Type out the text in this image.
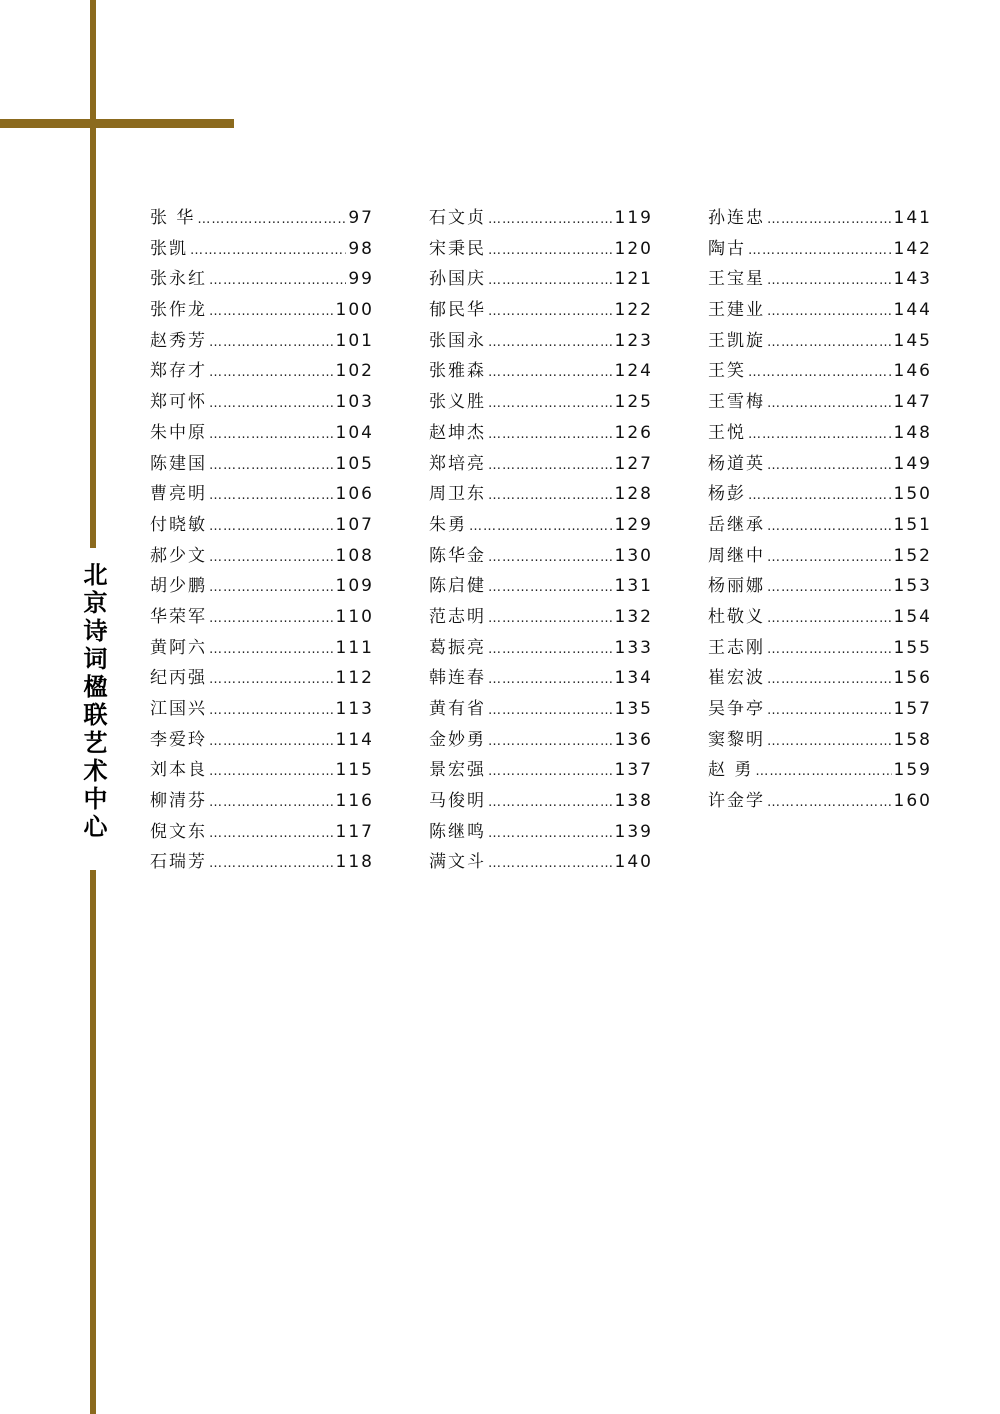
北京诗词楹联艺术中心
张 华 ……………………………………………………	97
张凯 ……………………………………………………	98
张永红 ……………………………………………………	99
张作龙 ……………………………………………………	100
赵秀芳 ……………………………………………………	101
郑存才 ……………………………………………………	102
郑可怀 ……………………………………………………	103
朱中原 ……………………………………………………	104
陈建国 ……………………………………………………	105
曹亮明 ……………………………………………………	106
付晓敏 ……………………………………………………	107
郝少文 ……………………………………………………	108
胡少鹏 ……………………………………………………	109
华荣军 ……………………………………………………	110
黄阿六 ……………………………………………………	111
纪丙强 ……………………………………………………	112
江国兴 ……………………………………………………	113
李爱玲 ……………………………………………………	114
刘本良 ……………………………………………………	115
柳清芬 ……………………………………………………	116
倪文东 ……………………………………………………	117
石瑞芳 ……………………………………………………	118
石文贞 ……………………………………………………	119
宋秉民 ……………………………………………………	120
孙国庆 ……………………………………………………	121
郁民华 ……………………………………………………	122
张国永 ……………………………………………………	123
张雅森 ……………………………………………………	124
张义胜 ……………………………………………………	125
赵坤杰 ……………………………………………………	126
郑培亮 ……………………………………………………	127
周卫东 ……………………………………………………	128
朱勇 ……………………………………………………	129
陈华金 ……………………………………………………	130
陈启健 ……………………………………………………	131
范志明 ……………………………………………………	132
葛振亮 ……………………………………………………	133
韩连春 ……………………………………………………	134
黄有省 ……………………………………………………	135
金妙勇 ……………………………………………………	136
景宏强 ……………………………………………………	137
马俊明 ……………………………………………………	138
陈继鸣 ……………………………………………………	139
满文斗 ……………………………………………………	140
孙连忠 ……………………………………………………	141
陶古 ……………………………………………………	142
王宝星 ……………………………………………………	143
王建业 ……………………………………………………	144
王凯旋 ……………………………………………………	145
王笑 ……………………………………………………	146
王雪梅 ……………………………………………………	147
王悦 ……………………………………………………	148
杨道英 ……………………………………………………	149
杨彭 ……………………………………………………	150
岳继承 ……………………………………………………	151
周继中 ……………………………………………………	152
杨丽娜 ……………………………………………………	153
杜敬义 ……………………………………………………	154
王志刚 ……………………………………………………	155
崔宏波 ……………………………………………………	156
吴争亭 ……………………………………………………	157
窦黎明 ……………………………………………………	158
赵 勇 ……………………………………………………	159
许金学 ……………………………………………………	160
